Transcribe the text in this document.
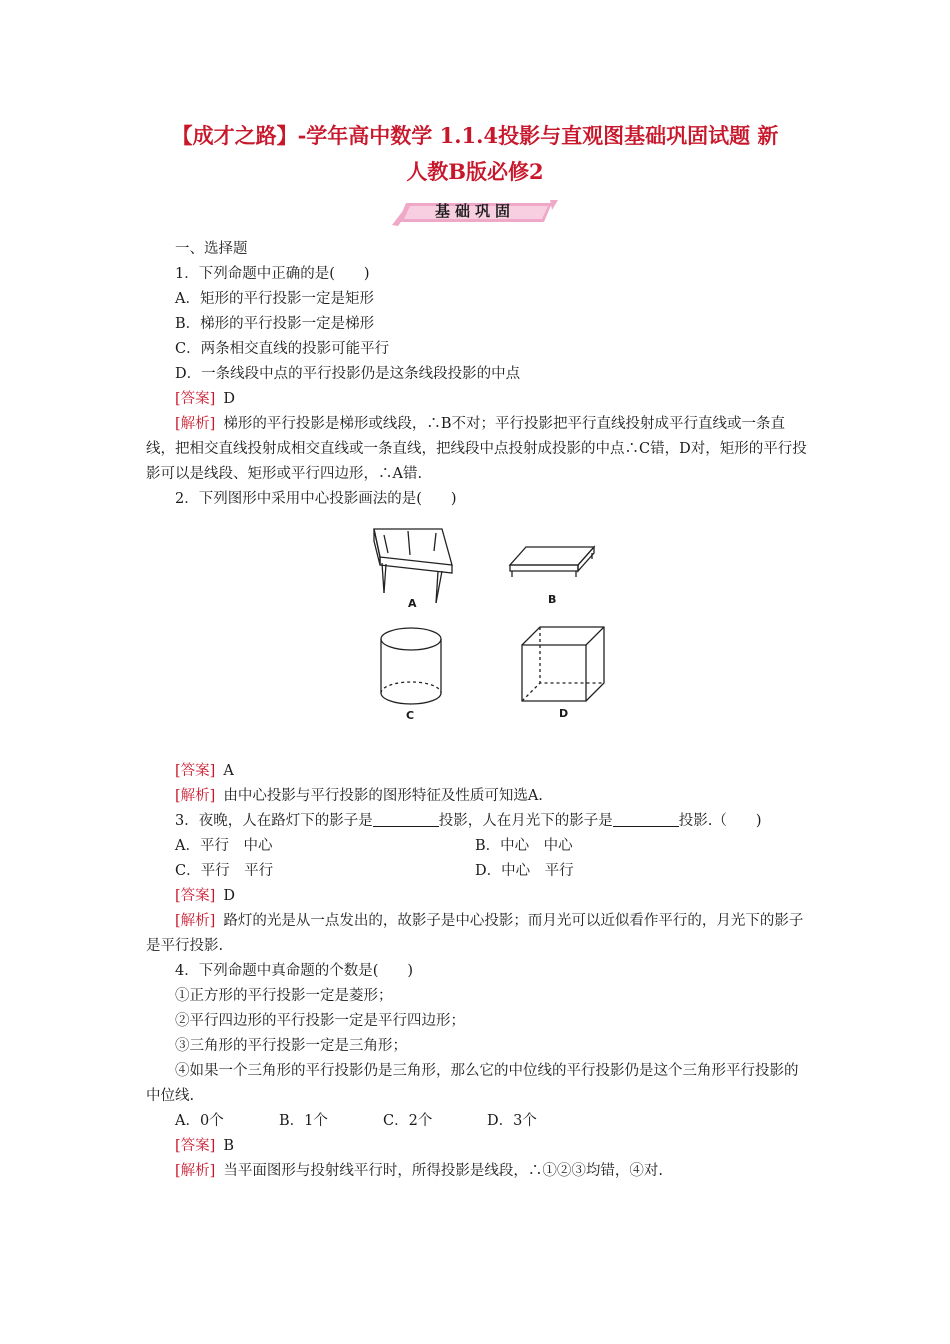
【成才之路】-学年高中数学 1.1.4投影与直观图基础巩固试题 新
人教B版必修2
基础巩固

一、选择题

1．下列命题中正确的是(　　)

A．矩形的平行投影一定是矩形

B．梯形的平行投影一定是梯形

C．两条相交直线的投影可能平行

D．一条线段中点的平行投影仍是这条线段投影的中点

[答案] D

[解析] 梯形的平行投影是梯形或线段，∴B不对；平行投影把平行直线投射成平行直线或一条直线，把相交直线投射成相交直线或一条直线，把线段中点投射成投影的中点∴C错，D对，矩形的平行投影可以是线段、矩形或平行四边形，∴A错.

2．下列图形中采用中心投影画法的是(　　)

A	B
C	D

[答案] A

[解析] 由中心投影与平行投影的图形特征及性质可知选A.

3．夜晚，人在路灯下的影子是	投影，人在月光下的影子是	投影.（　　)

A．平行　中心	B．中心　中心
C．平行　平行	D．中心　平行

[答案] D

[解析] 路灯的光是从一点发出的，故影子是中心投影；而月光可以近似看作平行的，月光下的影子是平行投影.

4．下列命题中真命题的个数是(　　)

①正方形的平行投影一定是菱形；

②平行四边形的平行投影一定是平行四边形；

③三角形的平行投影一定是三角形；

④如果一个三角形的平行投影仍是三角形，那么它的中位线的平行投影仍是这个三角形平行投影的中位线.

A．0个	B．1个	C．2个	D．3个

[答案] B

[解析] 当平面图形与投射线平行时，所得投影是线段，∴①②③均错，④对.
